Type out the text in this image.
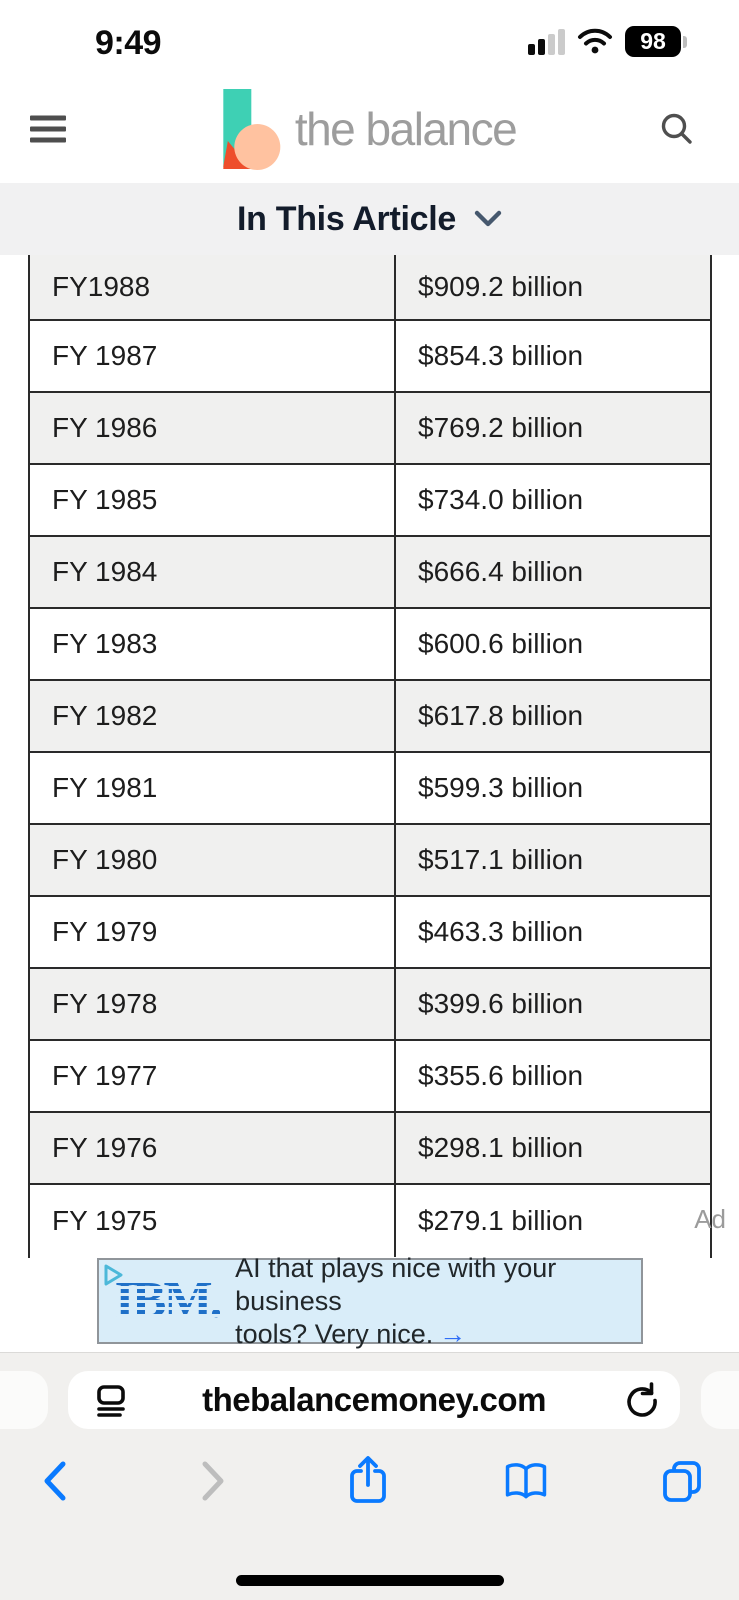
9:49	98
the balance
In This Article
FY1988	$909.2 billion
FY 1987	$854.3 billion
FY 1986	$769.2 billion
FY 1985	$734.0 billion
FY 1984	$666.4 billion
FY 1983	$600.6 billion
FY 1982	$617.8 billion
FY 1981	$599.3 billion
FY 1980	$517.1 billion
FY 1979	$463.3 billion
FY 1978	$399.6 billion
FY 1977	$355.6 billion
FY 1976	$298.1 billion
FY 1975	$279.1 billion	Ad
IBM.
AI that plays nice with your business
tools? Very nice. →
thebalancemoney.com
